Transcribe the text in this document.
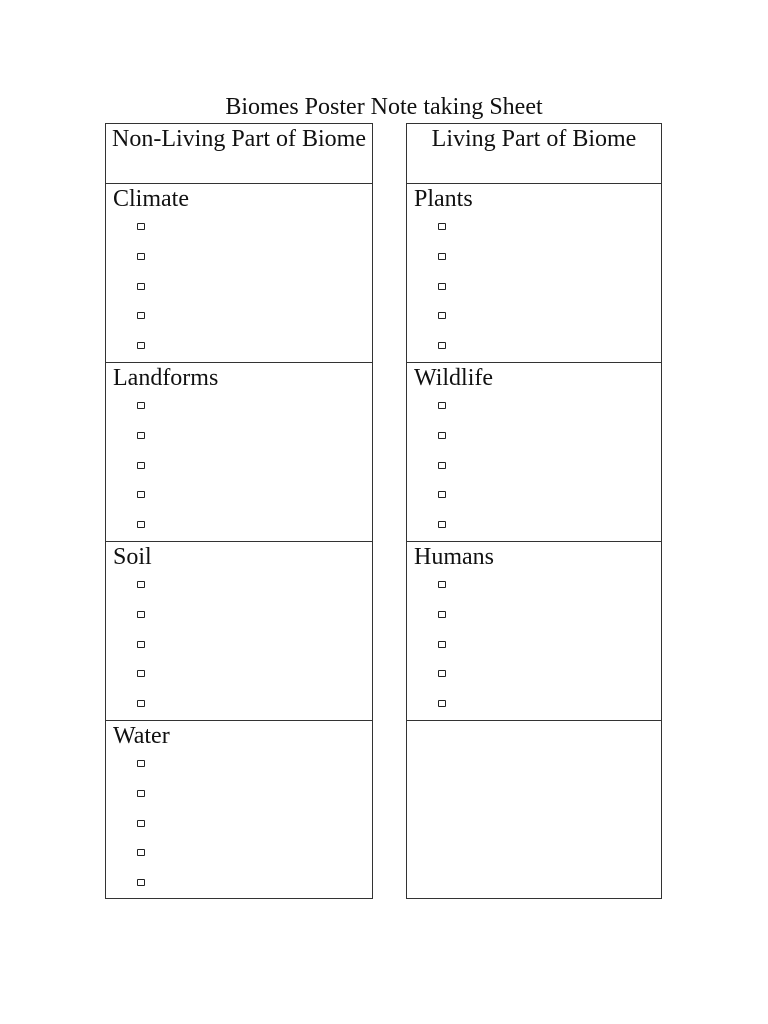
Biomes Poster Note taking Sheet
Non-Living Part of Biome
Climate
Landforms
Soil
Water
Living Part of Biome
Plants
Wildlife
Humans
